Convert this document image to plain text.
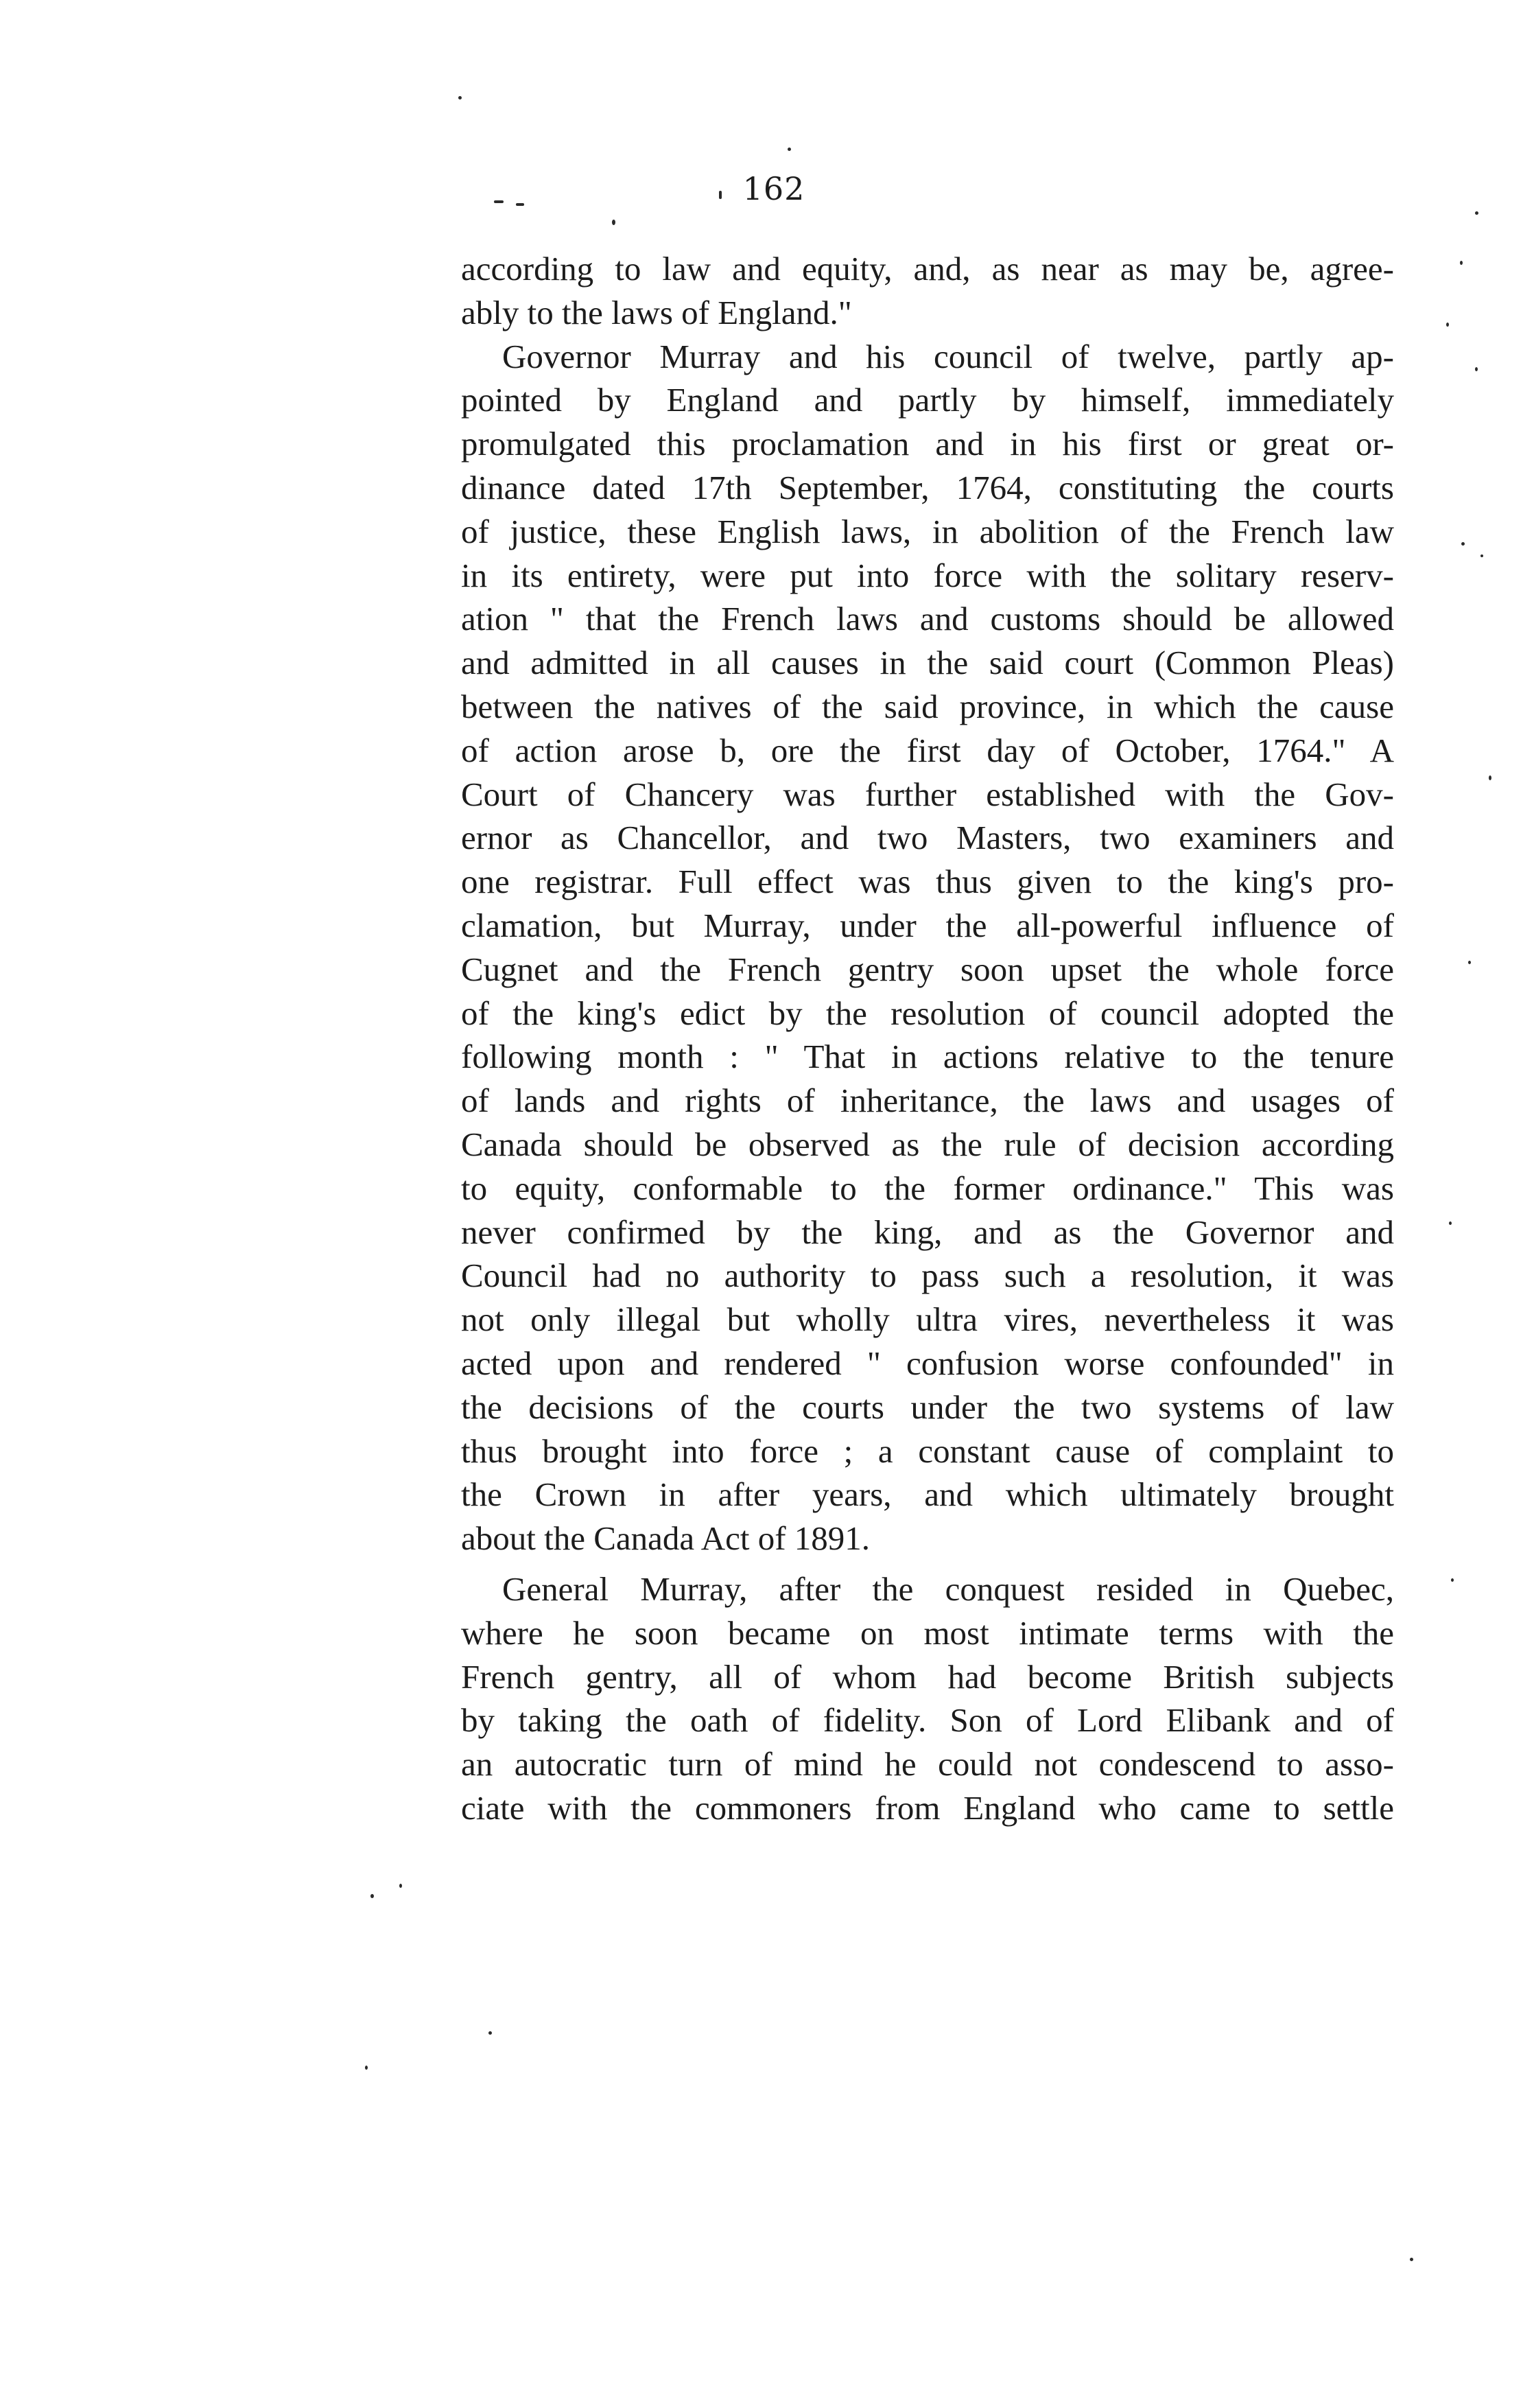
162
according to law and equity, and, as near as may be, agree-
ably to the laws of England."
Governor Murray and his council of twelve, partly ap-
pointed by England and partly by himself, immediately
promulgated this proclamation and in his first or great or-
dinance dated 17th September, 1764, constituting the courts
of justice, these English laws, in abolition of the French law
in its entirety, were put into force with the solitary reserv-
ation " that the French laws and customs should be allowed
and admitted in all causes in the said court (Common Pleas)
between the natives of the said province, in which the cause
of action arose b, ore the first day of October, 1764." A
Court of Chancery was further established with the Gov-
ernor as Chancellor, and two Masters, two examiners and
one registrar. Full effect was thus given to the king's pro-
clamation, but Murray, under the all-powerful influence of
Cugnet and the French gentry soon upset the whole force
of the king's edict by the resolution of council adopted the
following month : " That in actions relative to the tenure
of lands and rights of inheritance, the laws and usages of
Canada should be observed as the rule of decision according
to equity, conformable to the former ordinance." This was
never confirmed by the king, and as the Governor and
Council had no authority to pass such a resolution, it was
not only illegal but wholly ultra vires, nevertheless it was
acted upon and rendered " confusion worse confounded" in
the decisions of the courts under the two systems of law
thus brought into force ; a constant cause of complaint to
the Crown in after years, and which ultimately brought
about the Canada Act of 1891.
General Murray, after the conquest resided in Quebec,
where he soon became on most intimate terms with the
French gentry, all of whom had become British subjects
by taking the oath of fidelity. Son of Lord Elibank and of
an autocratic turn of mind he could not condescend to asso-
ciate with the commoners from England who came to settle
